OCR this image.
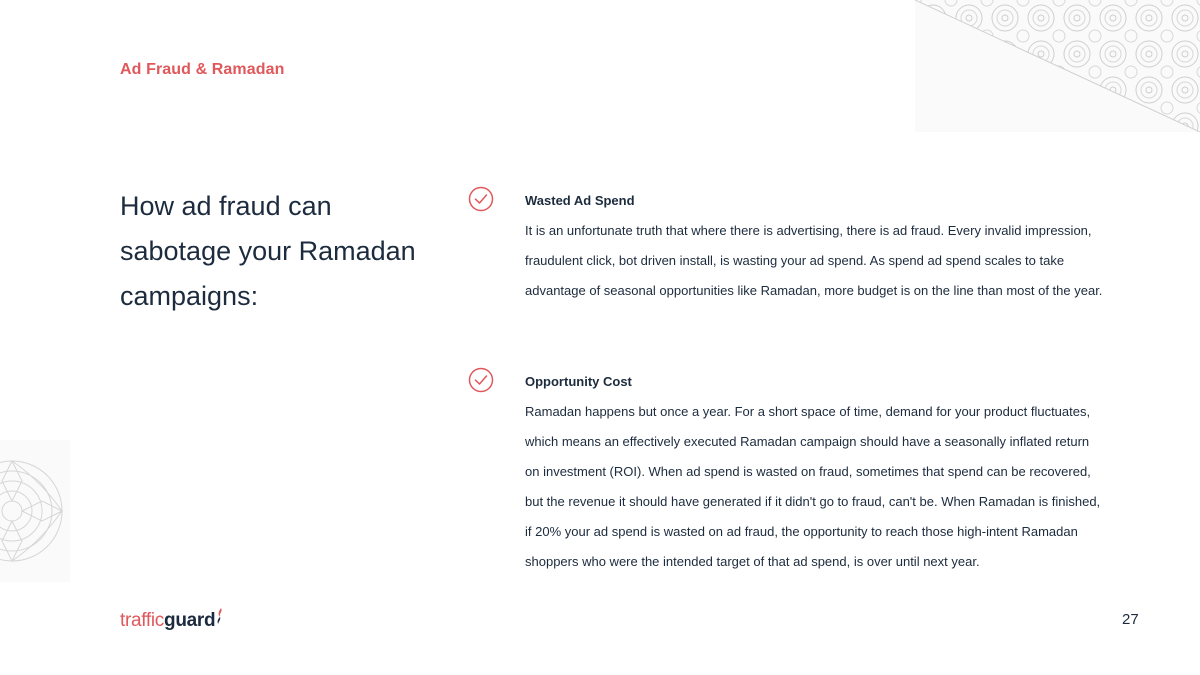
Ad Fraud & Ramadan
How ad fraud can sabotage your Ramadan campaigns:
Wasted Ad Spend
It is an unfortunate truth that where there is advertising, there is ad fraud. Every invalid impression, fraudulent click, bot driven install, is wasting your ad spend. As spend ad spend scales to take advantage of seasonal opportunities like Ramadan, more budget is on the line than most of the year.
Opportunity Cost
Ramadan happens but once a year. For a short space of time, demand for your product fluctuates, which means an effectively executed Ramadan campaign should have a seasonally inflated return on investment (ROI). When ad spend is wasted on fraud, sometimes that spend can be recovered, but the revenue it should have generated if it didn't go to fraud, can't be. When Ramadan is finished, if 20% your ad spend is wasted on ad fraud, the opportunity to reach those high-intent Ramadan shoppers who were the intended target of that ad spend, is over until next year.
trafficguard	27
